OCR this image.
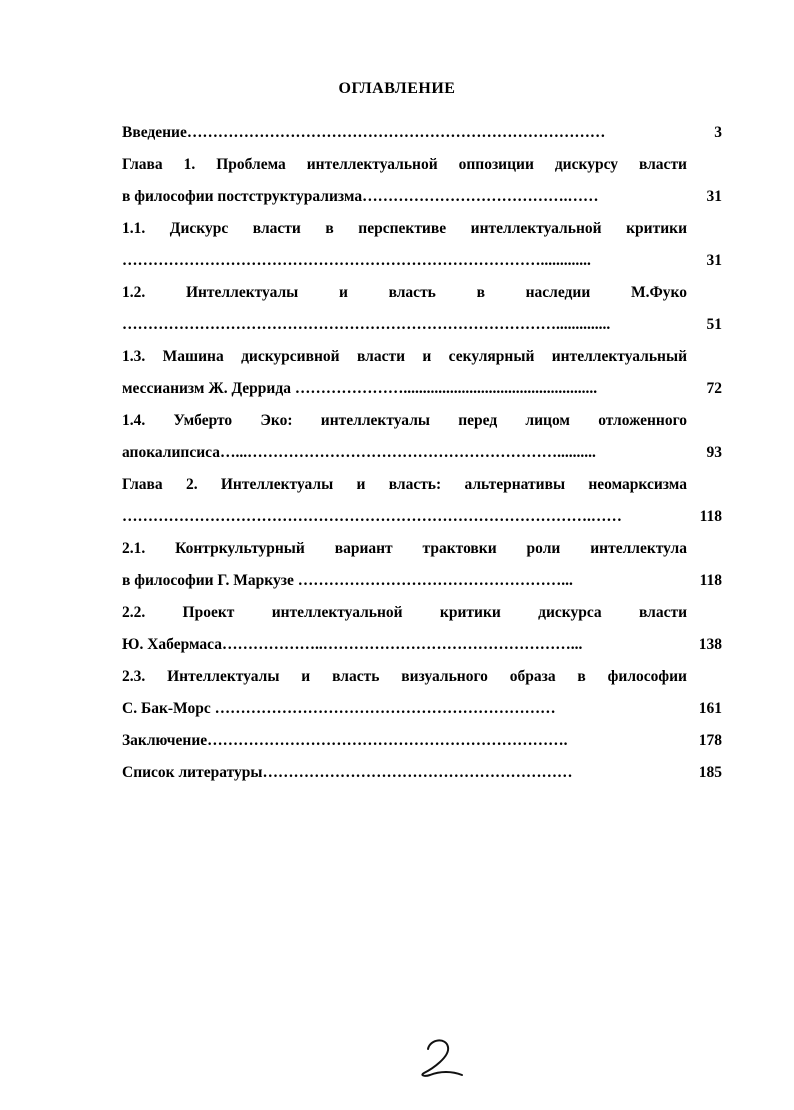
ОГЛАВЛЕНИЕ
Введение………………………………………………………………………	3
Глава 1. Проблема интеллектуальной оппозиции дискурсу власти
в философии постструктурализма………………………………….……	31
1.1. Дискурс власти в перспективе интеллектуальной критики
……………………………………………………………………….............	31
1.2. Интеллектуалы и власть в наследии М.Фуко
…………………………………………………………………………..............	51
1.3. Машина дискурсивной власти и секулярный интеллектуальный
мессианизм Ж. Деррида …………………..................................................	72
1.4. Умберто Эко: интеллектуалы перед лицом отложенного
апокалипсиса…...……………………………………………………..........	93
Глава 2. Интеллектуалы и власть: альтернативы неомарксизма
……………………………………………………………………………….……	118
2.1. Контркультурный вариант трактовки роли интеллектула
в философии Г. Маркузе ……………………………………………...	118
2.2. Проект интеллектуальной критики дискурса власти
Ю. Хабермаса………………..…………………………………………...	138
2.3. Интеллектуалы и власть визуального образа в философии
С. Бак-Морс …………………………………………………………	161
Заключение…………………………………………………………….	178
Список литературы……………………………………………………	185
